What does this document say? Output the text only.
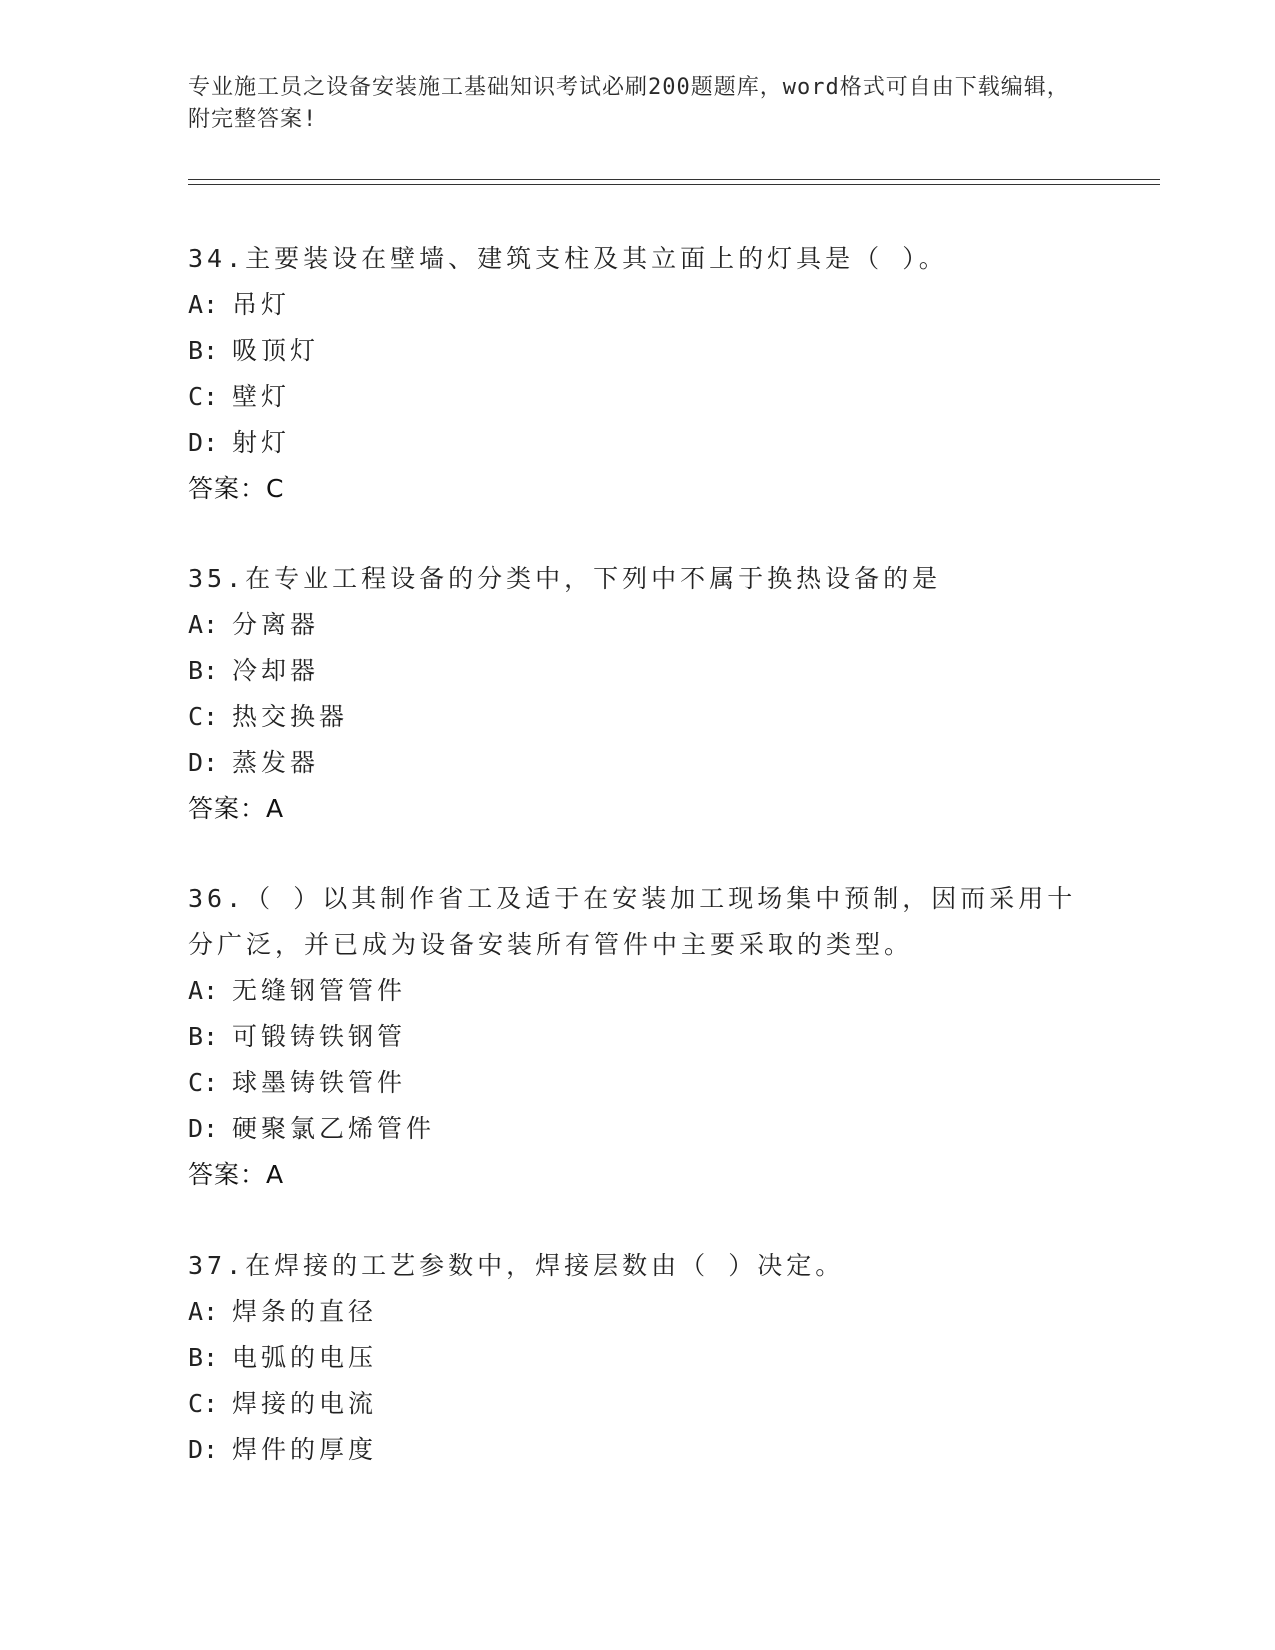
专业施工员之设备安装施工基础知识考试必刷200题题库，word格式可自由下载编辑，附完整答案!

34.主要装设在壁墙、建筑支柱及其立面上的灯具是（ ）。

A: 吊灯

B: 吸顶灯

C: 壁灯

D: 射灯

答案：C

35.在专业工程设备的分类中，下列中不属于换热设备的是

A: 分离器

B: 冷却器

C: 热交换器

D: 蒸发器

答案：A

36.（ ）以其制作省工及适于在安装加工现场集中预制，因而采用十分广泛，并已成为设备安装所有管件中主要采取的类型。

A: 无缝钢管管件

B: 可锻铸铁钢管

C: 球墨铸铁管件

D: 硬聚氯乙烯管件

答案：A

37.在焊接的工艺参数中，焊接层数由（ ）决定。

A: 焊条的直径

B: 电弧的电压

C: 焊接的电流

D: 焊件的厚度
